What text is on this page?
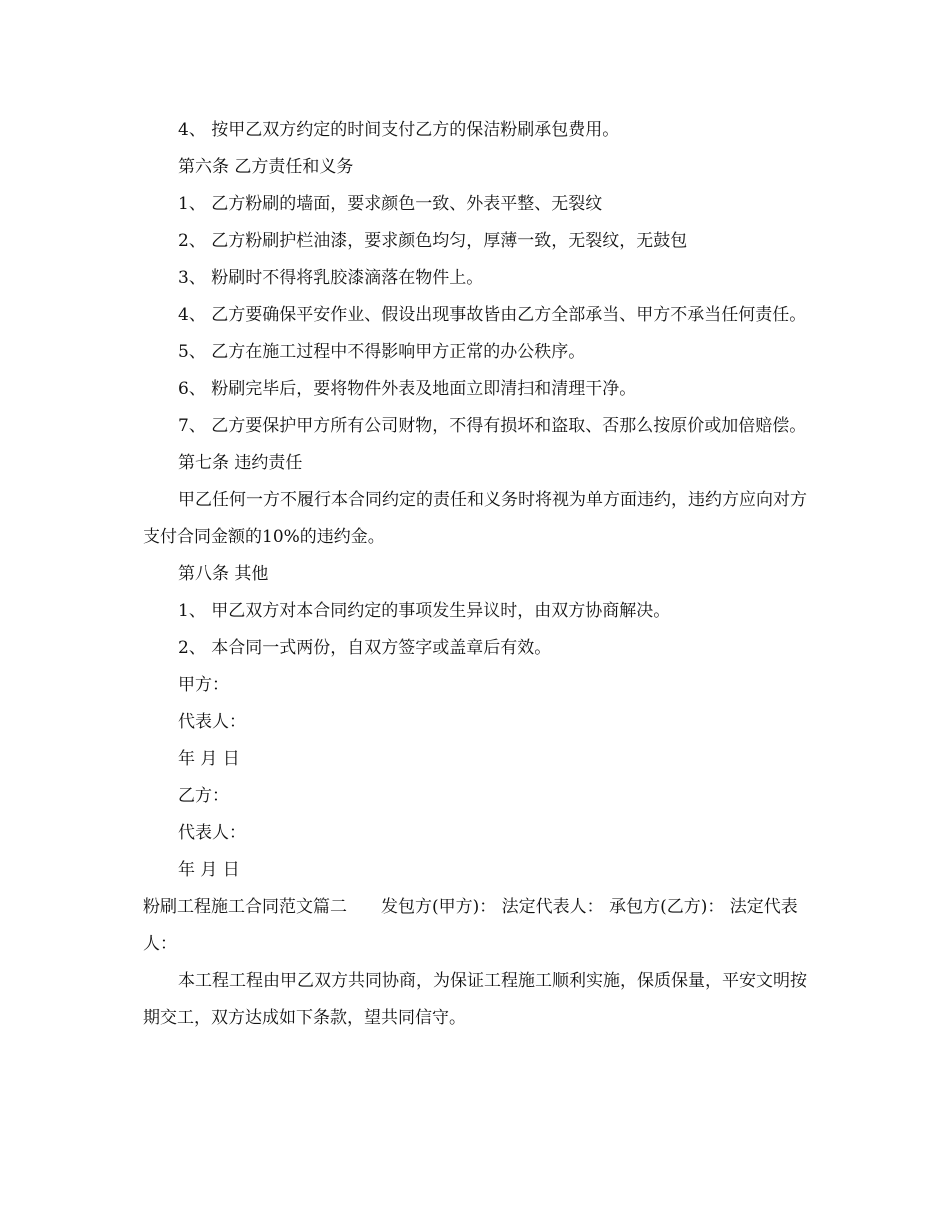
4、 按甲乙双方约定的时间支付乙方的保洁粉刷承包费用。

第六条 乙方责任和义务

1、 乙方粉刷的墙面，要求颜色一致、外表平整、无裂纹

2、 乙方粉刷护栏油漆，要求颜色均匀，厚薄一致，无裂纹，无鼓包

3、 粉刷时不得将乳胶漆滴落在物件上。

4、 乙方要确保平安作业、假设出现事故皆由乙方全部承当、甲方不承当任何责任。

5、 乙方在施工过程中不得影响甲方正常的办公秩序。

6、 粉刷完毕后，要将物件外表及地面立即清扫和清理干净。

7、 乙方要保护甲方所有公司财物，不得有损坏和盗取、否那么按原价或加倍赔偿。

第七条 违约责任

甲乙任何一方不履行本合同约定的责任和义务时将视为单方面违约，违约方应向对方支付合同金额的10%的违约金。

第八条 其他

1、 甲乙双方对本合同约定的事项发生异议时，由双方协商解决。

2、 本合同一式两份，自双方签字或盖章后有效。

甲方：

代表人：

年 月 日

乙方：

代表人：

年 月 日

粉刷工程施工合同范文篇二　　发包方(甲方)： 法定代表人： 承包方(乙方)： 法定代表人：

本工程工程由甲乙双方共同协商，为保证工程施工顺利实施，保质保量，平安文明按期交工，双方达成如下条款，望共同信守。
